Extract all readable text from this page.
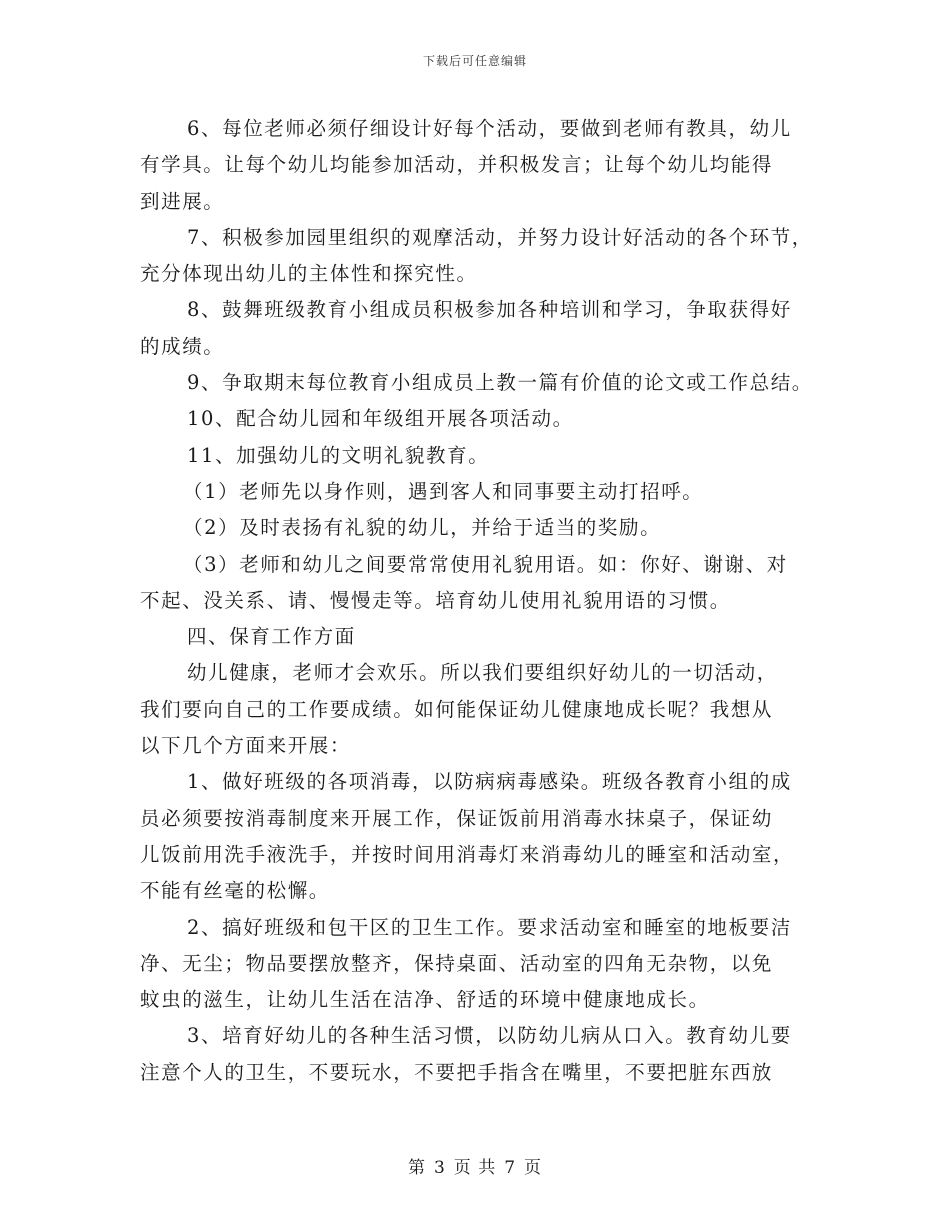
下载后可任意编辑
6、每位老师必须仔细设计好每个活动，要做到老师有教具，幼儿
有学具。让每个幼儿均能参加活动，并积极发言；让每个幼儿均能得
到进展。
7、积极参加园里组织的观摩活动，并努力设计好活动的各个环节，
充分体现出幼儿的主体性和探究性。
8、鼓舞班级教育小组成员积极参加各种培训和学习，争取获得好
的成绩。
9、争取期末每位教育小组成员上教一篇有价值的论文或工作总结。
10、配合幼儿园和年级组开展各项活动。
11、加强幼儿的文明礼貌教育。
（1）老师先以身作则，遇到客人和同事要主动打招呼。
（2）及时表扬有礼貌的幼儿，并给于适当的奖励。
（3）老师和幼儿之间要常常使用礼貌用语。如：你好、谢谢、对
不起、没关系、请、慢慢走等。培育幼儿使用礼貌用语的习惯。
四、保育工作方面
幼儿健康，老师才会欢乐。所以我们要组织好幼儿的一切活动，
我们要向自己的工作要成绩。如何能保证幼儿健康地成长呢？我想从
以下几个方面来开展：
1、做好班级的各项消毒，以防病病毒感染。班级各教育小组的成
员必须要按消毒制度来开展工作，保证饭前用消毒水抹桌子，保证幼
儿饭前用洗手液洗手，并按时间用消毒灯来消毒幼儿的睡室和活动室，
不能有丝毫的松懈。
2、搞好班级和包干区的卫生工作。要求活动室和睡室的地板要洁
净、无尘；物品要摆放整齐，保持桌面、活动室的四角无杂物，以免
蚊虫的滋生，让幼儿生活在洁净、舒适的环境中健康地成长。
3、培育好幼儿的各种生活习惯，以防幼儿病从口入。教育幼儿要
注意个人的卫生，不要玩水，不要把手指含在嘴里，不要把脏东西放
第 3 页 共 7 页
